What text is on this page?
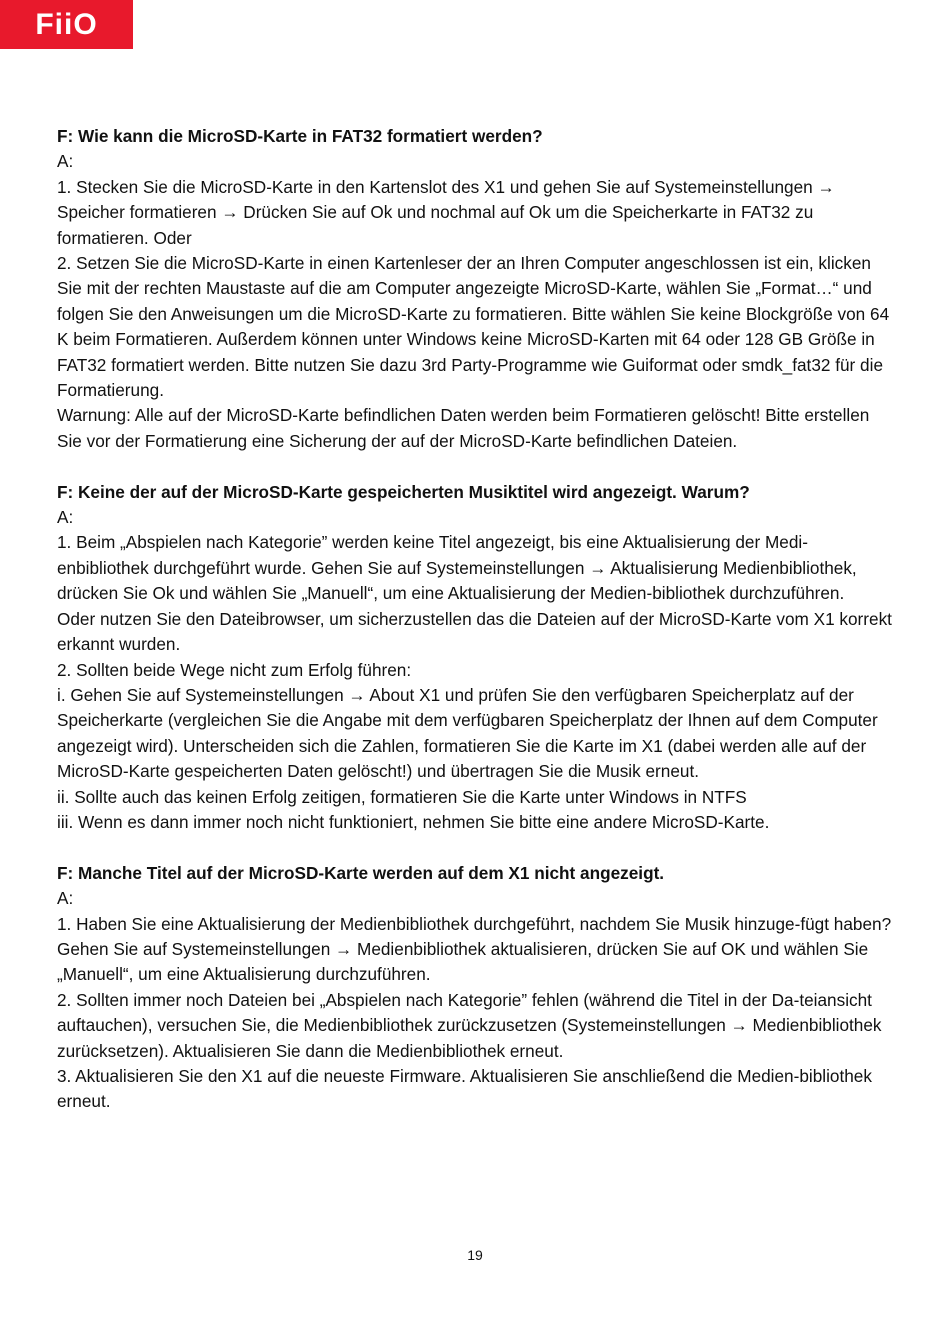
FiiO

F: Wie kann die MicroSD-Karte in FAT32 formatiert werden?

A:

1. Stecken Sie die MicroSD-Karte in den Kartenslot des X1 und gehen Sie auf Systemeinstellungen → Speicher formatieren → Drücken Sie auf Ok und nochmal auf Ok um die Speicherkarte in FAT32 zu formatieren. Oder

2. Setzen Sie die MicroSD-Karte in einen Kartenleser der an Ihren Computer angeschlossen ist ein, klicken Sie mit der rechten Maustaste auf die am Computer angezeigte MicroSD-Karte, wählen Sie „Format…“ und folgen Sie den Anweisungen um die MicroSD-Karte zu formatieren. Bitte wählen Sie keine Blockgröße von 64 K beim Formatieren. Außerdem können unter Windows keine MicroSD-Karten mit 64 oder 128 GB Größe in FAT32 formatiert werden. Bitte nutzen Sie dazu 3rd Party-Programme wie Guiformat oder smdk_fat32 für die Formatierung.

Warnung: Alle auf der MicroSD-Karte befindlichen Daten werden beim Formatieren gelöscht! Bitte erstellen Sie vor der Formatierung eine Sicherung der auf der MicroSD-Karte befindlichen Dateien.

F: Keine der auf der MicroSD-Karte gespeicherten Musiktitel wird angezeigt. Warum?

A:

1. Beim „Abspielen nach Kategorie” werden keine Titel angezeigt, bis eine Aktualisierung der Medi-enbibliothek durchgeführt wurde. Gehen Sie auf Systemeinstellungen → Aktualisierung Medienbibliothek, drücken Sie Ok und wählen Sie „Manuell“, um eine Aktualisierung der Medien-bibliothek durchzuführen.

Oder nutzen Sie den Dateibrowser, um sicherzustellen das die Dateien auf der MicroSD-Karte vom X1 korrekt erkannt wurden.

2. Sollten beide Wege nicht zum Erfolg führen:

i. Gehen Sie auf Systemeinstellungen → About X1 und prüfen Sie den verfügbaren Speicherplatz auf der Speicherkarte (vergleichen Sie die Angabe mit dem verfügbaren Speicherplatz der Ihnen auf dem Computer angezeigt wird). Unterscheiden sich die Zahlen, formatieren Sie die Karte im X1 (dabei werden alle auf der MicroSD-Karte gespeicherten Daten gelöscht!) und übertragen Sie die Musik erneut.

ii. Sollte auch das keinen Erfolg zeitigen, formatieren Sie die Karte unter Windows in NTFS

iii. Wenn es dann immer noch nicht funktioniert, nehmen Sie bitte eine andere MicroSD-Karte.

F: Manche Titel auf der MicroSD-Karte werden auf dem X1 nicht angezeigt.

A:

1. Haben Sie eine Aktualisierung der Medienbibliothek durchgeführt, nachdem Sie Musik hinzuge-fügt haben? Gehen Sie auf Systemeinstellungen → Medienbibliothek aktualisieren, drücken Sie auf OK und wählen Sie „Manuell“, um eine Aktualisierung durchzuführen.

2. Sollten immer noch Dateien bei „Abspielen nach Kategorie” fehlen (während die Titel in der Da-teiansicht auftauchen), versuchen Sie, die Medienbibliothek zurückzusetzen (Systemeinstellungen → Medienbibliothek zurücksetzen). Aktualisieren Sie dann die Medienbibliothek erneut.

3. Aktualisieren Sie den X1 auf die neueste Firmware. Aktualisieren Sie anschließend die Medien-bibliothek erneut.

19
